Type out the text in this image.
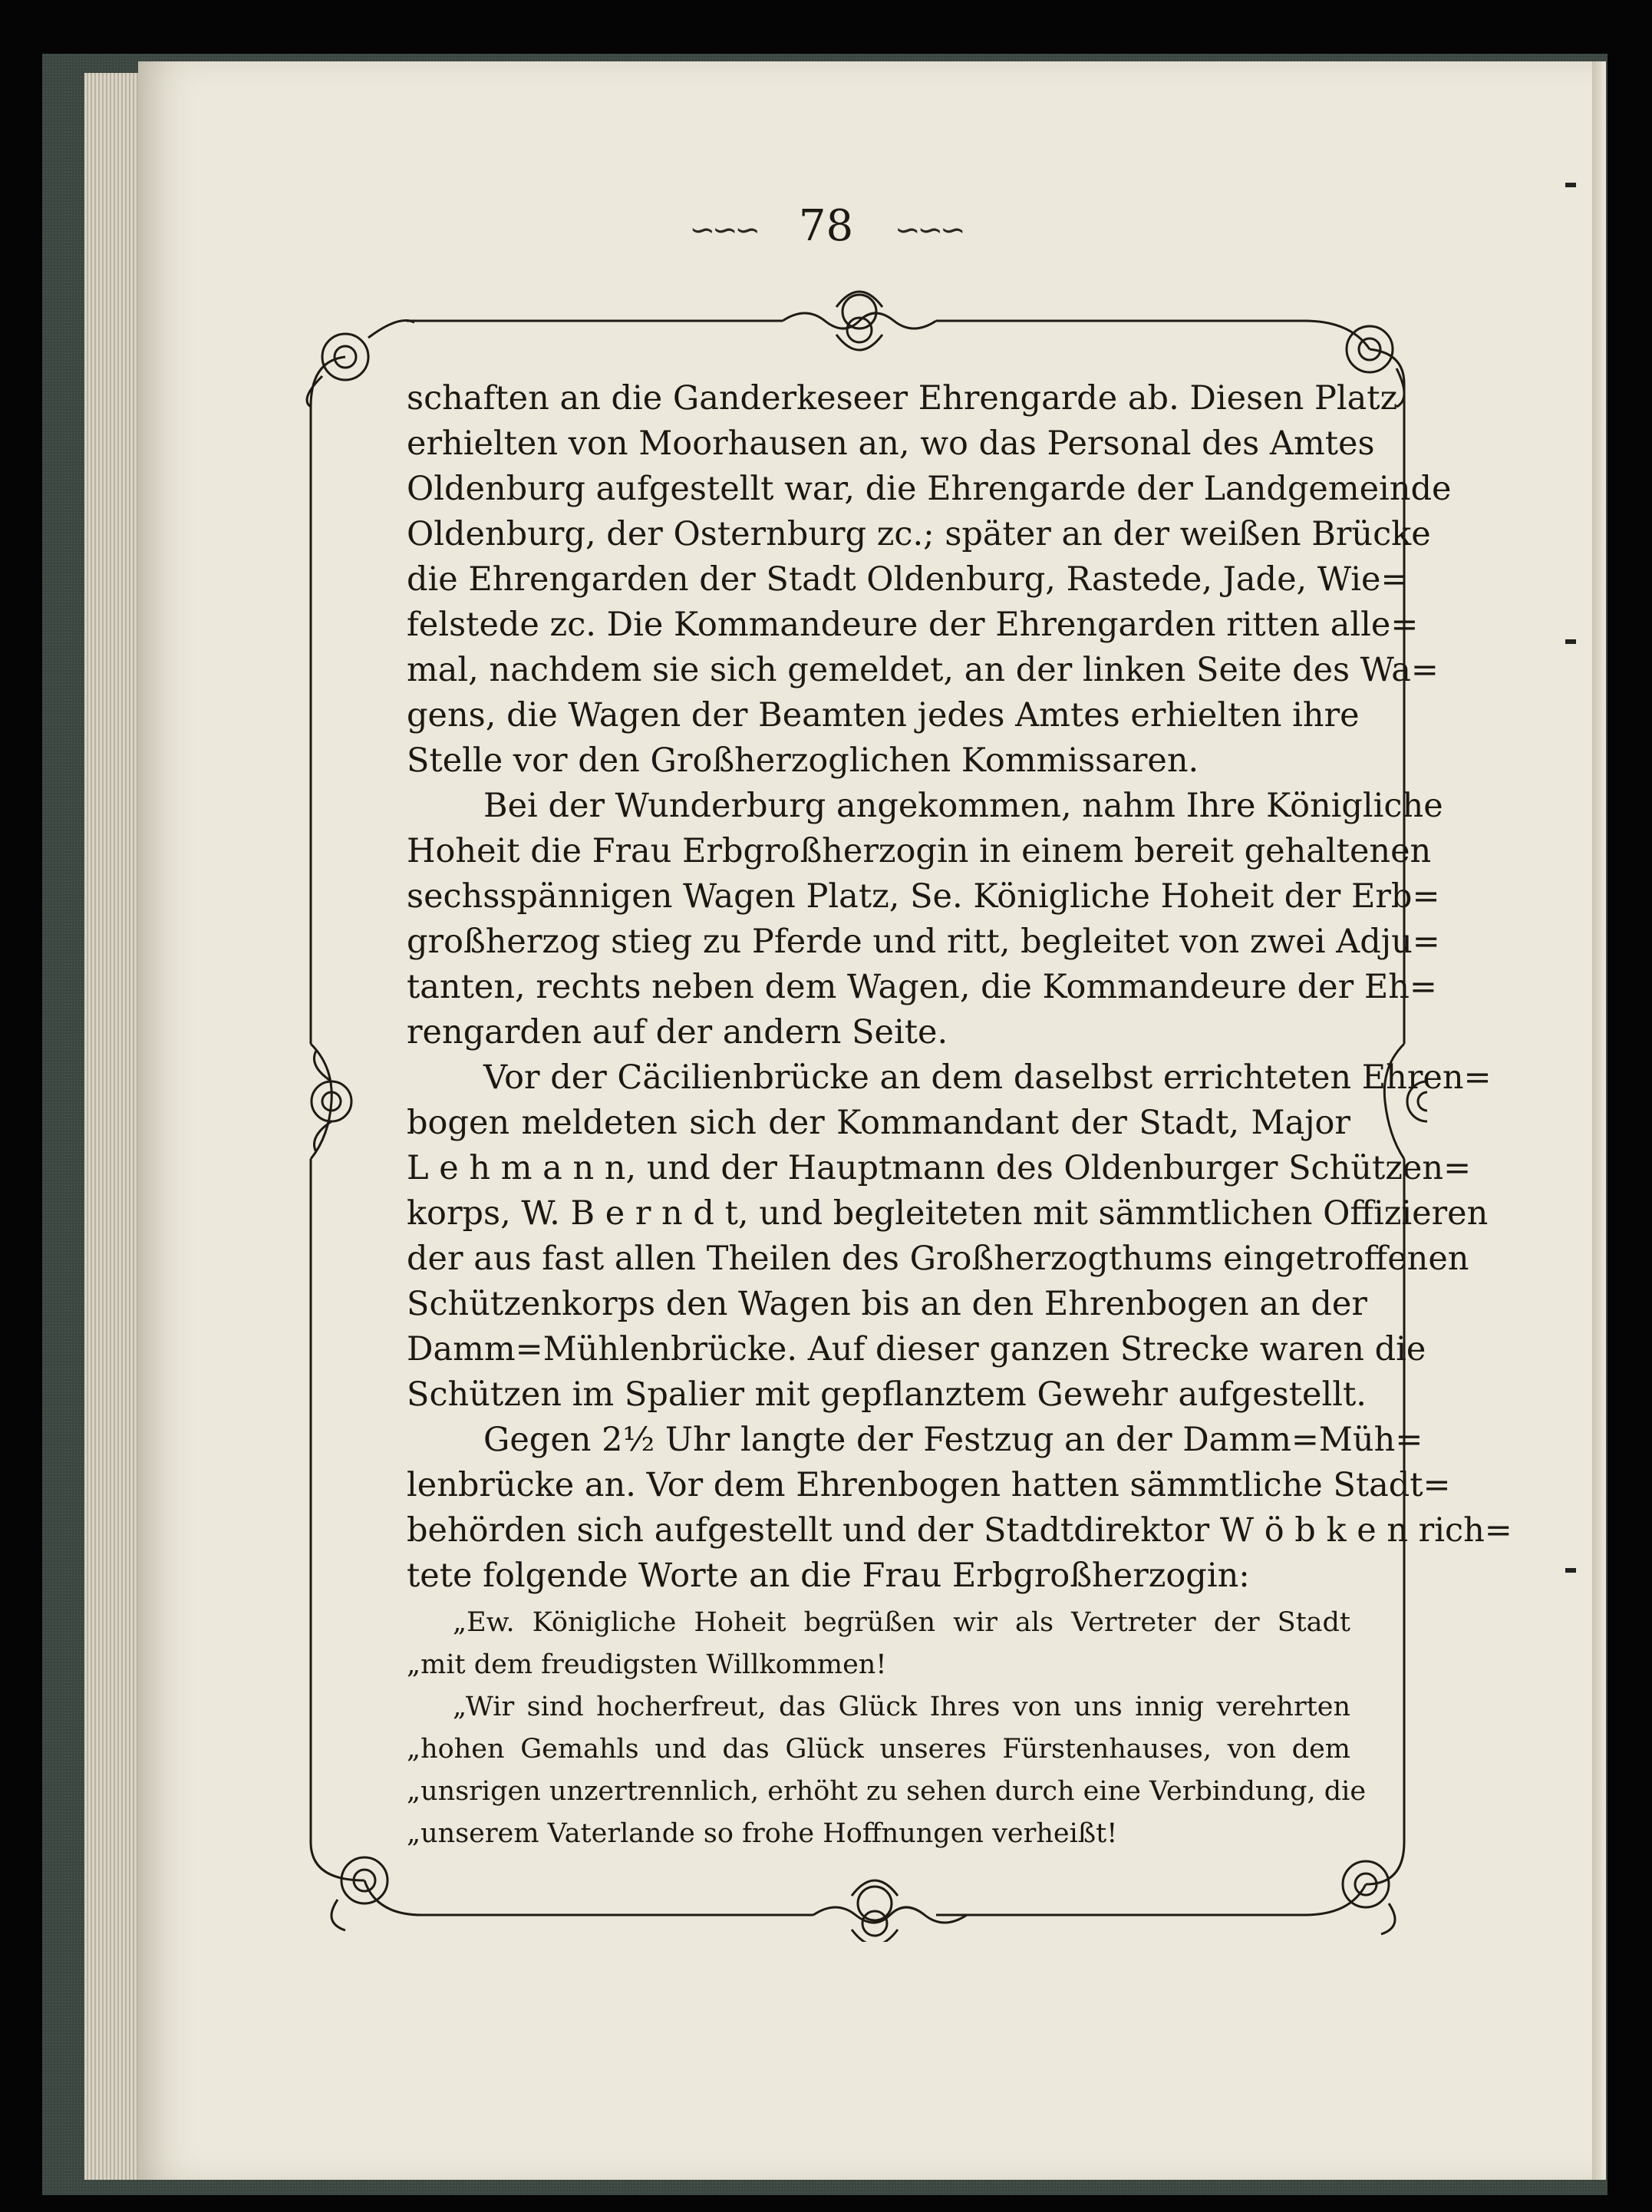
∽∽∽ 78 ∽∽∽
schaften an die Ganderkeseer Ehrengarde ab. Diesen Platz
erhielten von Moorhausen an, wo das Personal des Amtes
Oldenburg aufgestellt war, die Ehrengarde der Landgemeinde
Oldenburg, der Osternburg zc.; später an der weißen Brücke
die Ehrengarden der Stadt Oldenburg, Rastede, Jade, Wie=
felstede zc. Die Kommandeure der Ehrengarden ritten alle=
mal, nachdem sie sich gemeldet, an der linken Seite des Wa=
gens, die Wagen der Beamten jedes Amtes erhielten ihre
Stelle vor den Großherzoglichen Kommissaren.
Bei der Wunderburg angekommen, nahm Ihre Königliche
Hoheit die Frau Erbgroßherzogin in einem bereit gehaltenen
sechsspännigen Wagen Platz, Se. Königliche Hoheit der Erb=
großherzog stieg zu Pferde und ritt, begleitet von zwei Adju=
tanten, rechts neben dem Wagen, die Kommandeure der Eh=
rengarden auf der andern Seite.
Vor der Cäcilienbrücke an dem daselbst errichteten Ehren=
bogen meldeten sich der Kommandant der Stadt, Major
L e h m a n n, und der Hauptmann des Oldenburger Schützen=
korps, W. B e r n d t, und begleiteten mit sämmtlichen Offizieren
der aus fast allen Theilen des Großherzogthums eingetroffenen
Schützenkorps den Wagen bis an den Ehrenbogen an der
Damm=Mühlenbrücke. Auf dieser ganzen Strecke waren die
Schützen im Spalier mit gepflanztem Gewehr aufgestellt.
Gegen 2½ Uhr langte der Festzug an der Damm=Müh=
lenbrücke an. Vor dem Ehrenbogen hatten sämmtliche Stadt=
behörden sich aufgestellt und der Stadtdirektor W ö b k e n rich=
tete folgende Worte an die Frau Erbgroßherzogin:
„Ew. Königliche Hoheit begrüßen wir als Vertreter der Stadt
„mit dem freudigsten Willkommen!
„Wir sind hocherfreut, das Glück Ihres von uns innig verehrten
„hohen Gemahls und das Glück unseres Fürstenhauses, von dem
„unsrigen unzertrennlich, erhöht zu sehen durch eine Verbindung, die
„unserem Vaterlande so frohe Hoffnungen verheißt!
